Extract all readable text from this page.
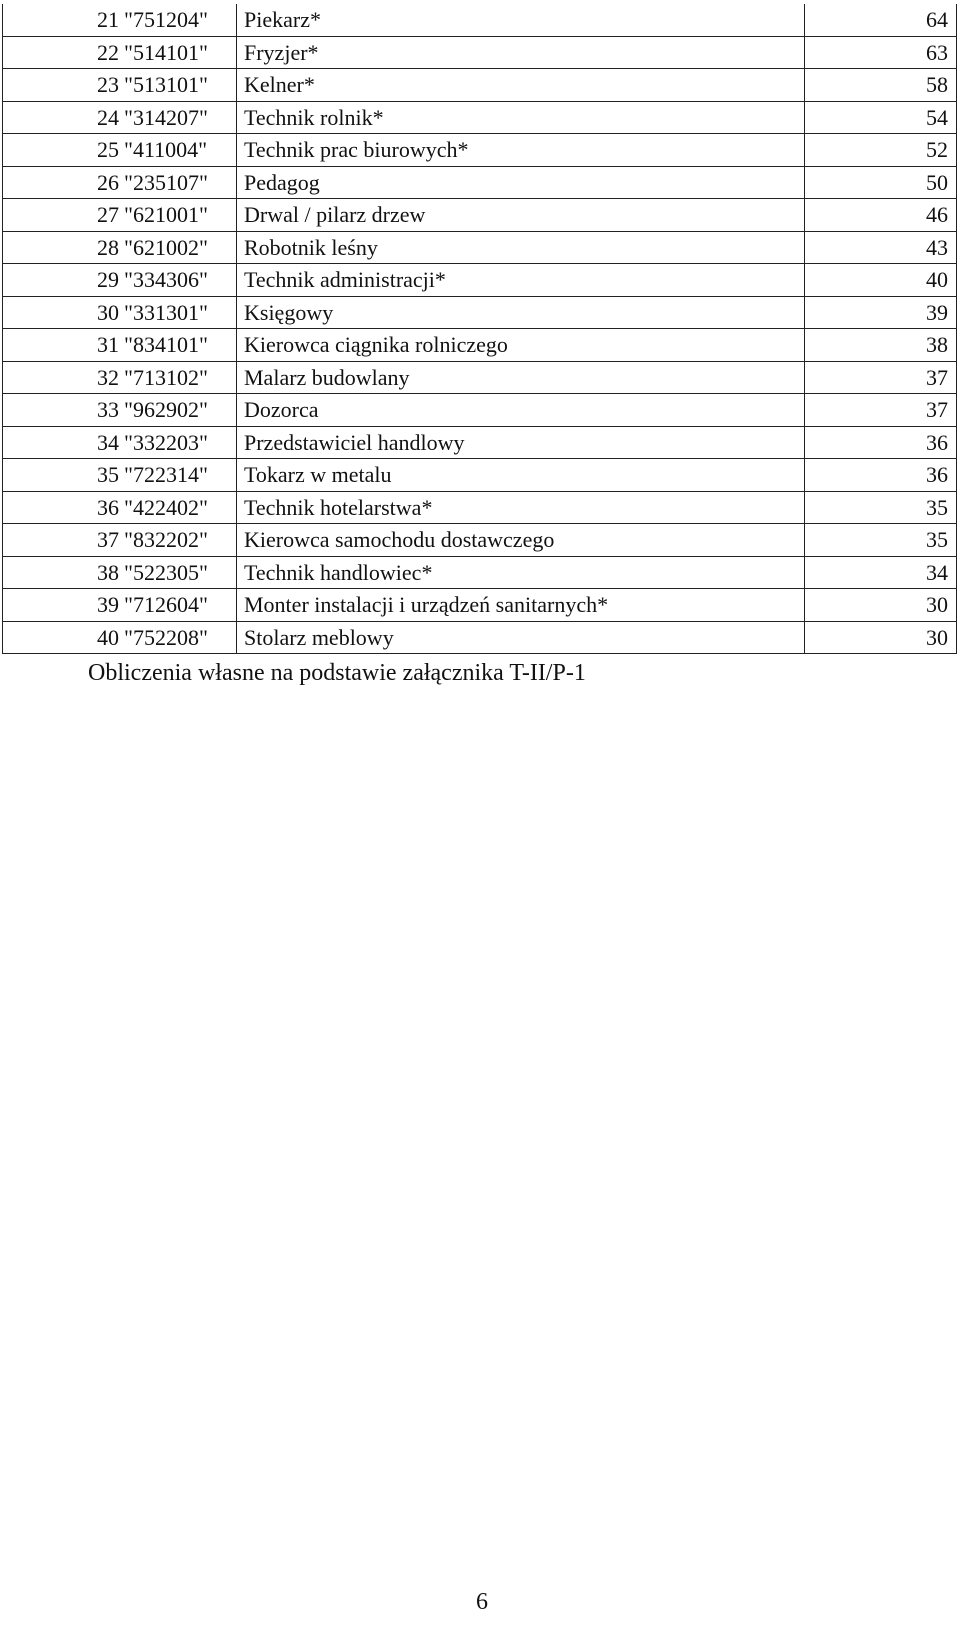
21	"751204"	Piekarz*	64
22	"514101"	Fryzjer*	63
23	"513101"	Kelner*	58
24	"314207"	Technik rolnik*	54
25	"411004"	Technik prac biurowych*	52
26	"235107"	Pedagog	50
27	"621001"	Drwal / pilarz drzew	46
28	"621002"	Robotnik leśny	43
29	"334306"	Technik administracji*	40
30	"331301"	Księgowy	39
31	"834101"	Kierowca ciągnika rolniczego	38
32	"713102"	Malarz budowlany	37
33	"962902"	Dozorca	37
34	"332203"	Przedstawiciel handlowy	36
35	"722314"	Tokarz w metalu	36
36	"422402"	Technik hotelarstwa*	35
37	"832202"	Kierowca samochodu dostawczego	35
38	"522305"	Technik handlowiec*	34
39	"712604"	Monter instalacji i urządzeń sanitarnych*	30
40	"752208"	Stolarz meblowy	30
Obliczenia własne na podstawie załącznika T-II/P-1
6
